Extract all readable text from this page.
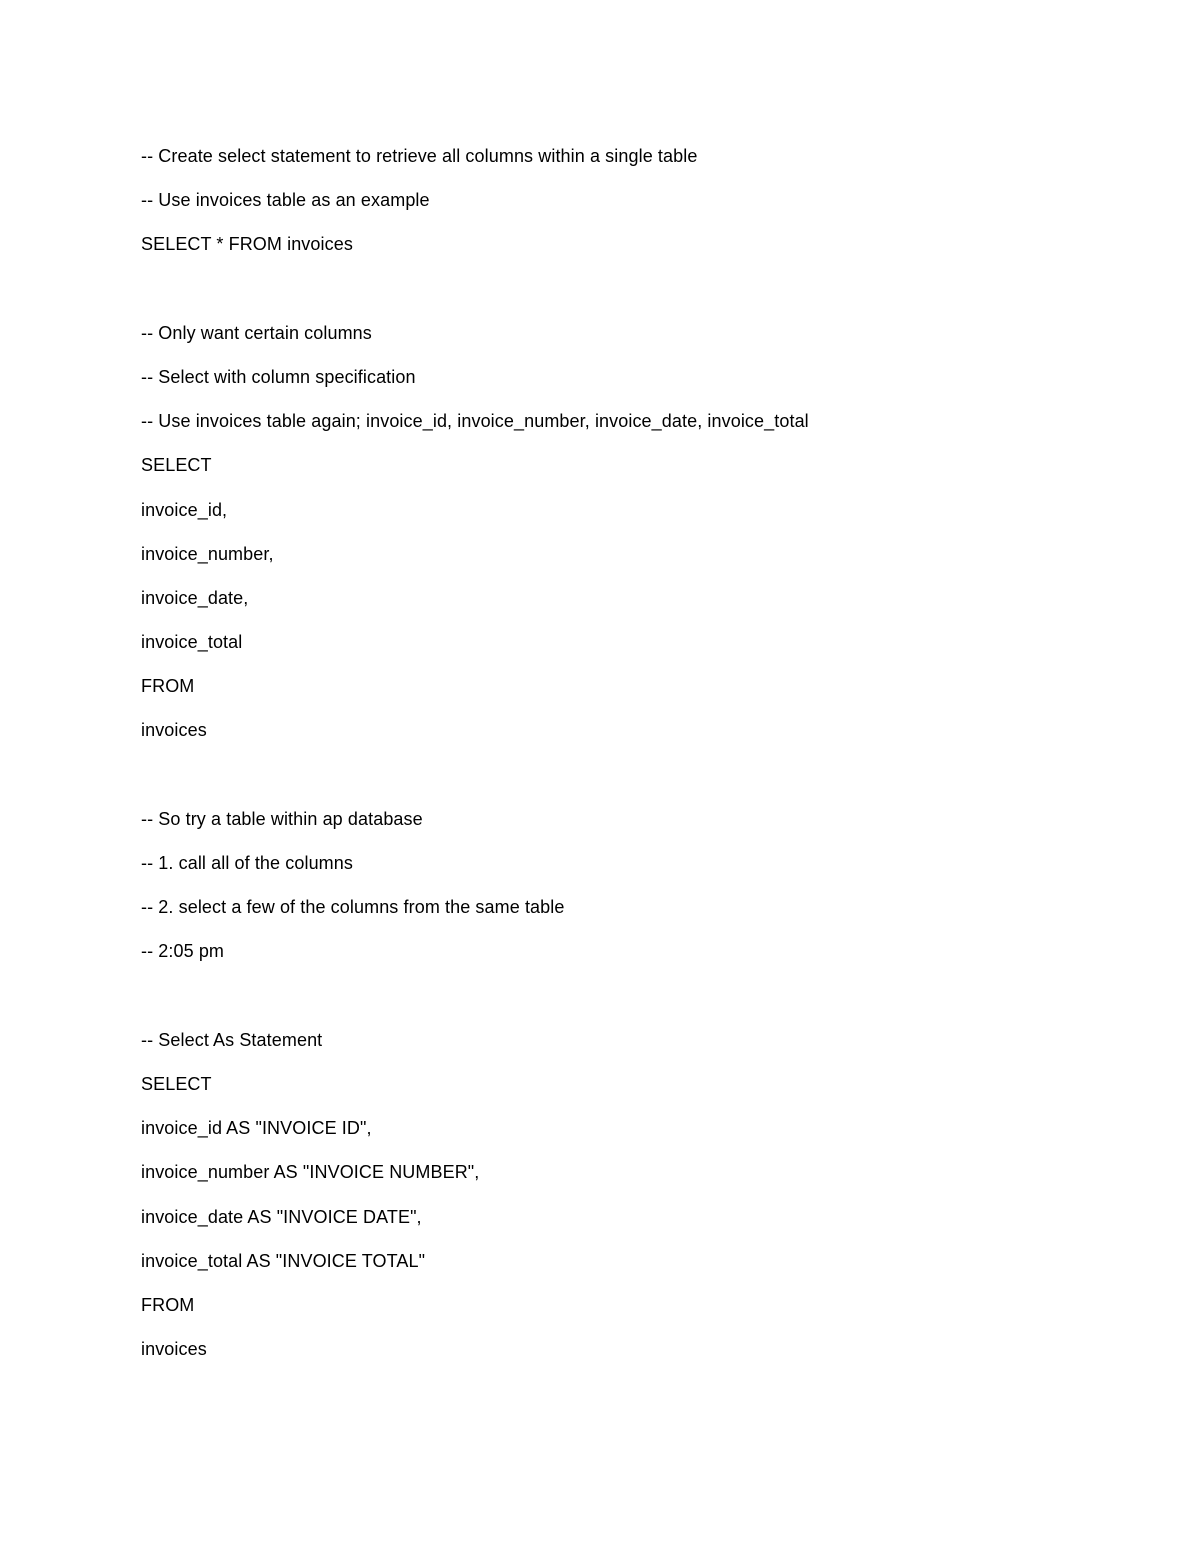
-- Create select statement to retrieve all columns within a single table
-- Use invoices table as an example
SELECT * FROM invoices
-- Only want certain columns
-- Select with column specification
-- Use invoices table again; invoice_id, invoice_number, invoice_date, invoice_total
SELECT
invoice_id,
invoice_number,
invoice_date,
invoice_total
FROM
invoices
-- So try a table within ap database
-- 1. call all of the columns
-- 2. select a few of the columns from the same table
-- 2:05 pm
-- Select As Statement
SELECT
invoice_id AS "INVOICE ID",
invoice_number AS "INVOICE NUMBER",
invoice_date AS "INVOICE DATE",
invoice_total AS "INVOICE TOTAL"
FROM
invoices
